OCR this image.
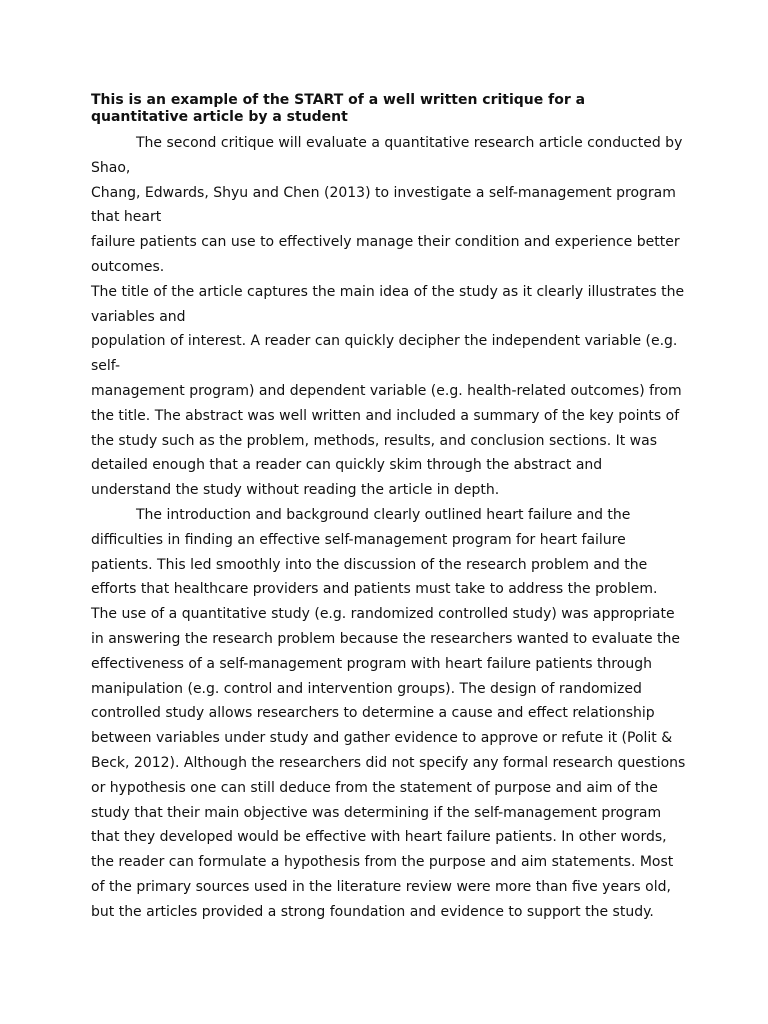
This is an example of the START of a well written critique for a
quantitative article by a student
The second critique will evaluate a quantitative research article conducted by
Shao,
Chang, Edwards, Shyu and Chen (2013) to investigate a self-management program
that heart
failure patients can use to effectively manage their condition and experience better
outcomes.
The title of the article captures the main idea of the study as it clearly illustrates the
variables and
population of interest. A reader can quickly decipher the independent variable (e.g.
self-
management program) and dependent variable (e.g. health-related outcomes) from
the title. The abstract was well written and included a summary of the key points of
the study such as the problem, methods, results, and conclusion sections. It was
detailed enough that a reader can quickly skim through the abstract and
understand the study without reading the article in depth.
The introduction and background clearly outlined heart failure and the
difficulties in finding an effective self-management program for heart failure
patients. This led smoothly into the discussion of the research problem and the
efforts that healthcare providers and patients must take to address the problem.
The use of a quantitative study (e.g. randomized controlled study) was appropriate
in answering the research problem because the researchers wanted to evaluate the
effectiveness of a self-management program with heart failure patients through
manipulation (e.g. control and intervention groups). The design of randomized
controlled study allows researchers to determine a cause and effect relationship
between variables under study and gather evidence to approve or refute it (Polit &
Beck, 2012). Although the researchers did not specify any formal research questions
or hypothesis one can still deduce from the statement of purpose and aim of the
study that their main objective was determining if the self-management program
that they developed would be effective with heart failure patients. In other words,
the reader can formulate a hypothesis from the purpose and aim statements. Most
of the primary sources used in the literature review were more than five years old,
but the articles provided a strong foundation and evidence to support the study.
